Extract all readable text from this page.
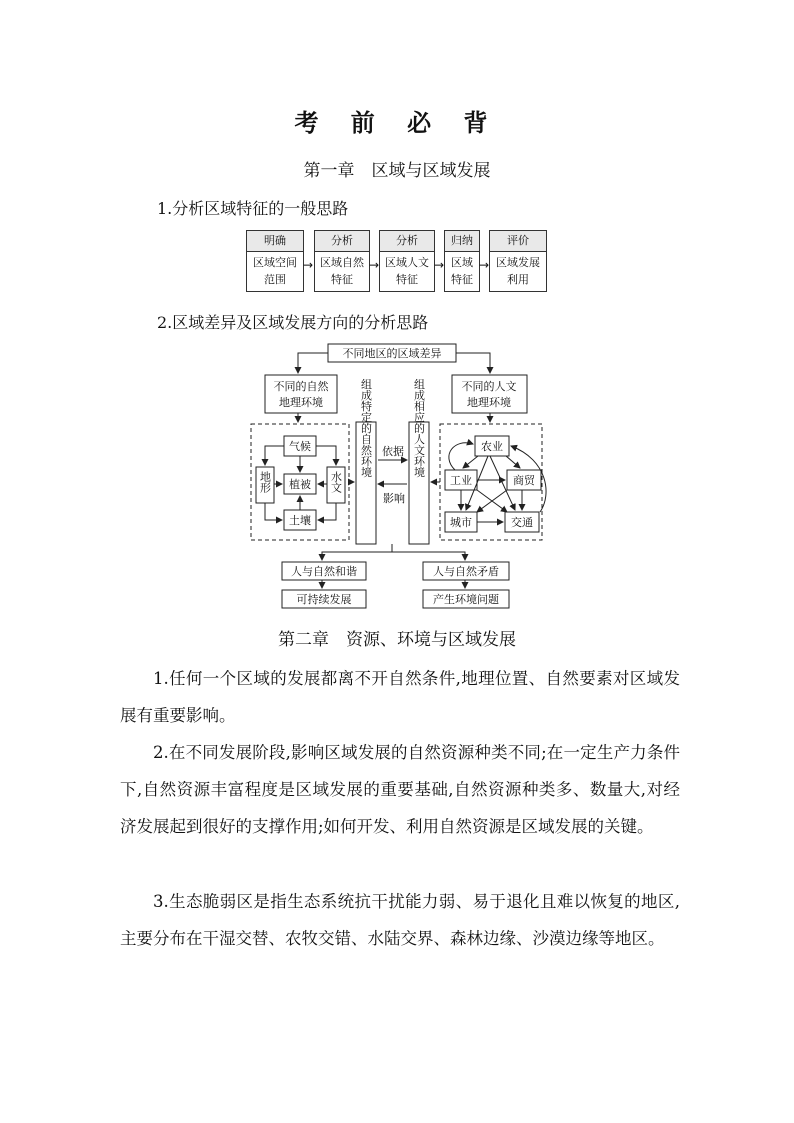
考 前 必 背
第一章　区域与区域发展
1.分析区域特征的一般思路
明确
区域空间
范围
→
分析
区域自然
特征
→
分析
区域人文
特征
→
归纳
区域
特征
→
评价
区域发展
利用
2.区域差异及区域发展方向的分析思路
不同地区的区域差异
不同的自然
地理环境
不同的人文
地理环境
气候
植被
土壤
地形	水文
组成特定的自然环境	组成相应的人文环境
依据
影响
农业
工业	商贸
城市	交通
人与自然和谐
可持续发展
人与自然矛盾
产生环境问题
第二章　资源、环境与区域发展
1.任何一个区域的发展都离不开自然条件,地理位置、自然要素对区域发展有重要影响。
2.在不同发展阶段,影响区域发展的自然资源种类不同;在一定生产力条件下,自然资源丰富程度是区域发展的重要基础,自然资源种类多、数量大,对经济发展起到很好的支撑作用;如何开发、利用自然资源是区域发展的关键。
3.生态脆弱区是指生态系统抗干扰能力弱、易于退化且难以恢复的地区,主要分布在干湿交替、农牧交错、水陆交界、森林边缘、沙漠边缘等地区。
